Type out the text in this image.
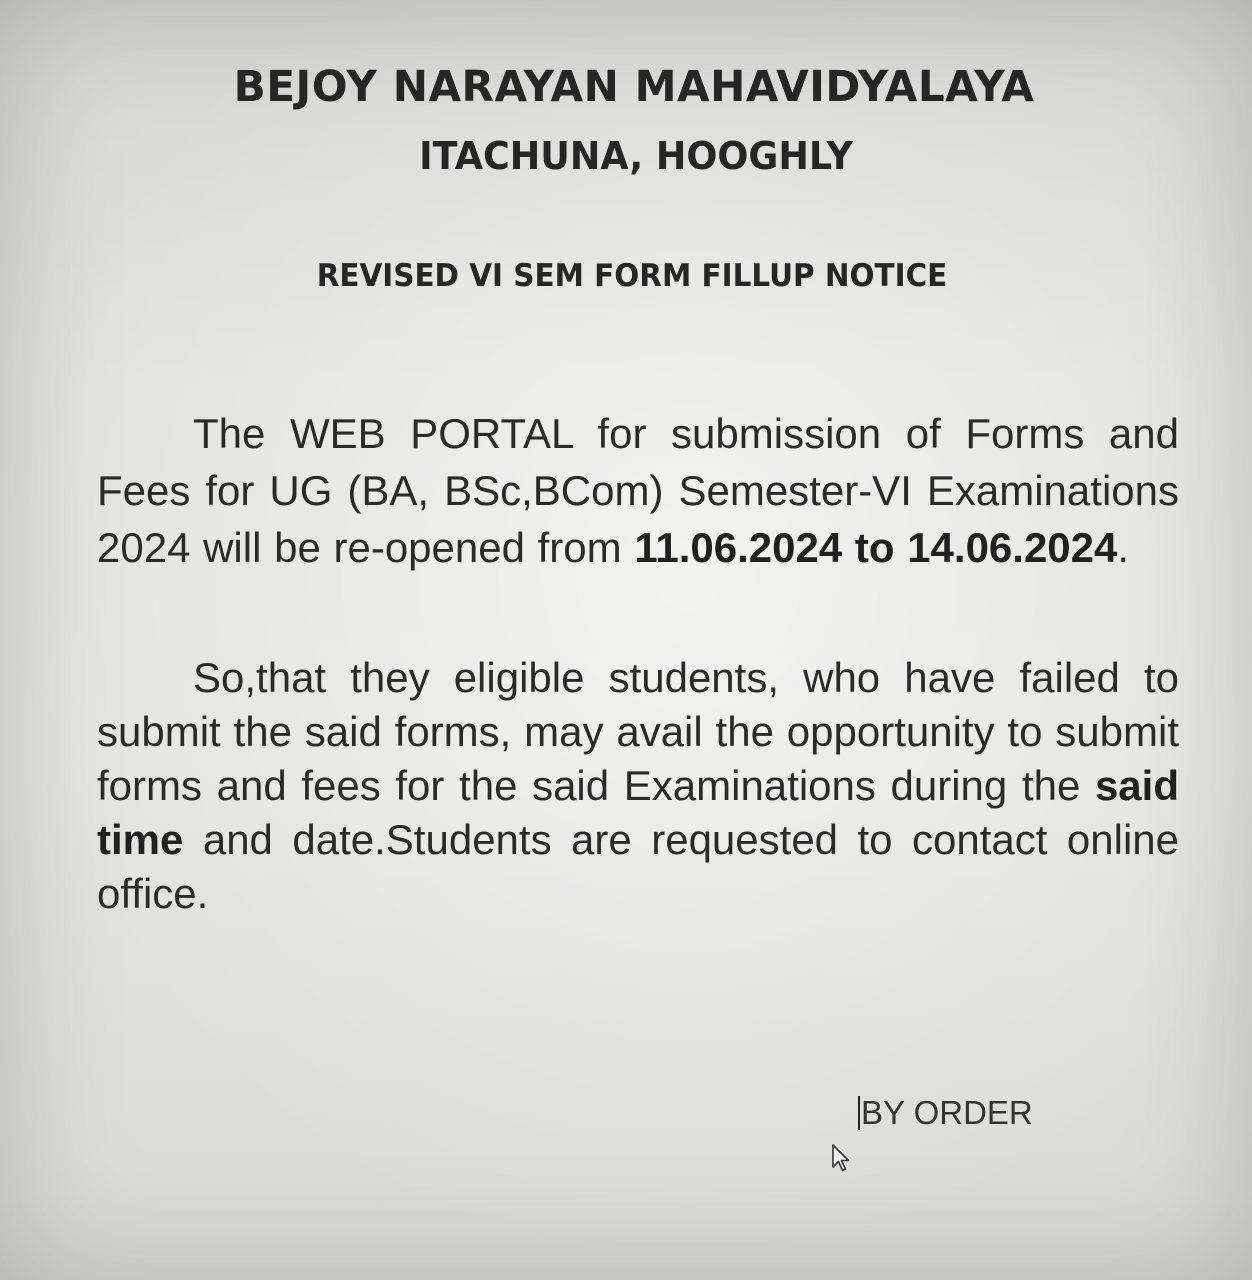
BEJOY NARAYAN MAHAVIDYALAYA
ITACHUNA, HOOGHLY
REVISED VI SEM FORM FILLUP NOTICE
The WEB PORTAL for submission of Forms and Fees for UG (BA, BSc,BCom) Semester-VI Examinations 2024 will be re-opened from 11.06.2024 to 14.06.2024.
So,that they eligible students, who have failed to submit the said forms, may avail the opportunity to submit forms and fees for the said Examinations during the said time and date.Students are requested to contact online office.
BY ORDER
